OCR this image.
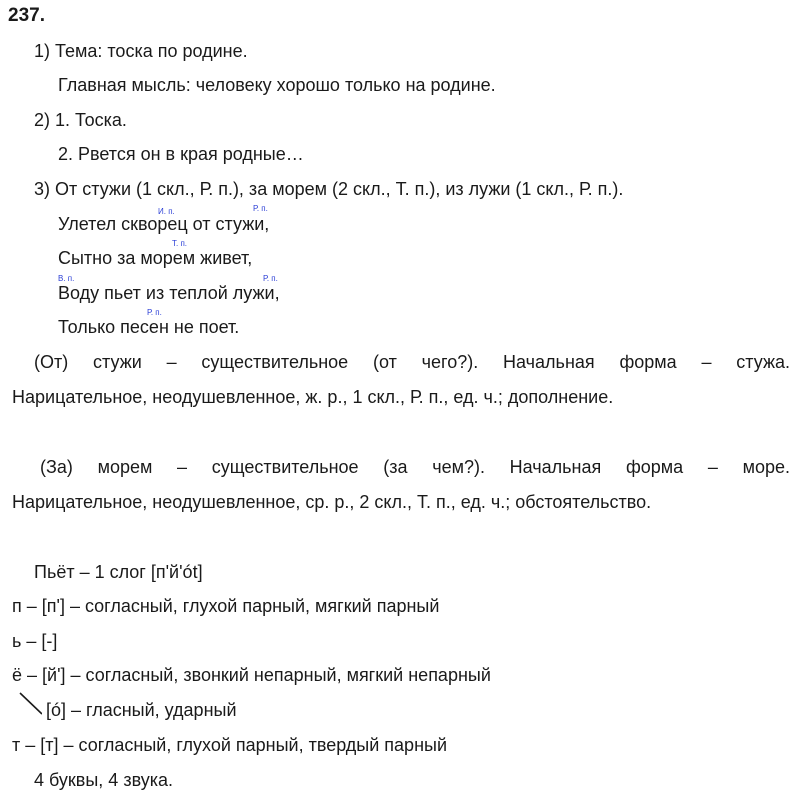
237.
1) Тема: тоска по родине.
Главная мысль: человеку хорошо только на родине.
2) 1. Тоска.
2. Рвется он в края родные…
3) От стужи (1 скл., Р. п.), за морем (2 скл., Т. п.), из лужи (1 скл., Р. п.).
И. п.	Р. п.
Улетел скворец от стужи,
Т. п.
Сытно за морем живет,
В. п.	Р. п.
Воду пьет из теплой лужи,
Р. п.
Только песен не поет.
(От) стужи – существительное (от чего?). Начальная форма – стужа.
Нарицательное, неодушевленное, ж. р., 1 скл., Р. п., ед. ч.; дополнение.
(За) морем – существительное (за чем?). Начальная форма – море.
Нарицательное, неодушевленное, ср. р., 2 скл., Т. п., ед. ч.; обстоятельство.
Пьёт – 1 слог [п'й'ót]
п – [п'] – согласный, глухой парный, мягкий парный
ь – [-]
ё – [й'] – согласный, звонкий непарный, мягкий непарный
[ó] – гласный, ударный
т – [т] – согласный, глухой парный, твердый парный
4 буквы, 4 звука.
